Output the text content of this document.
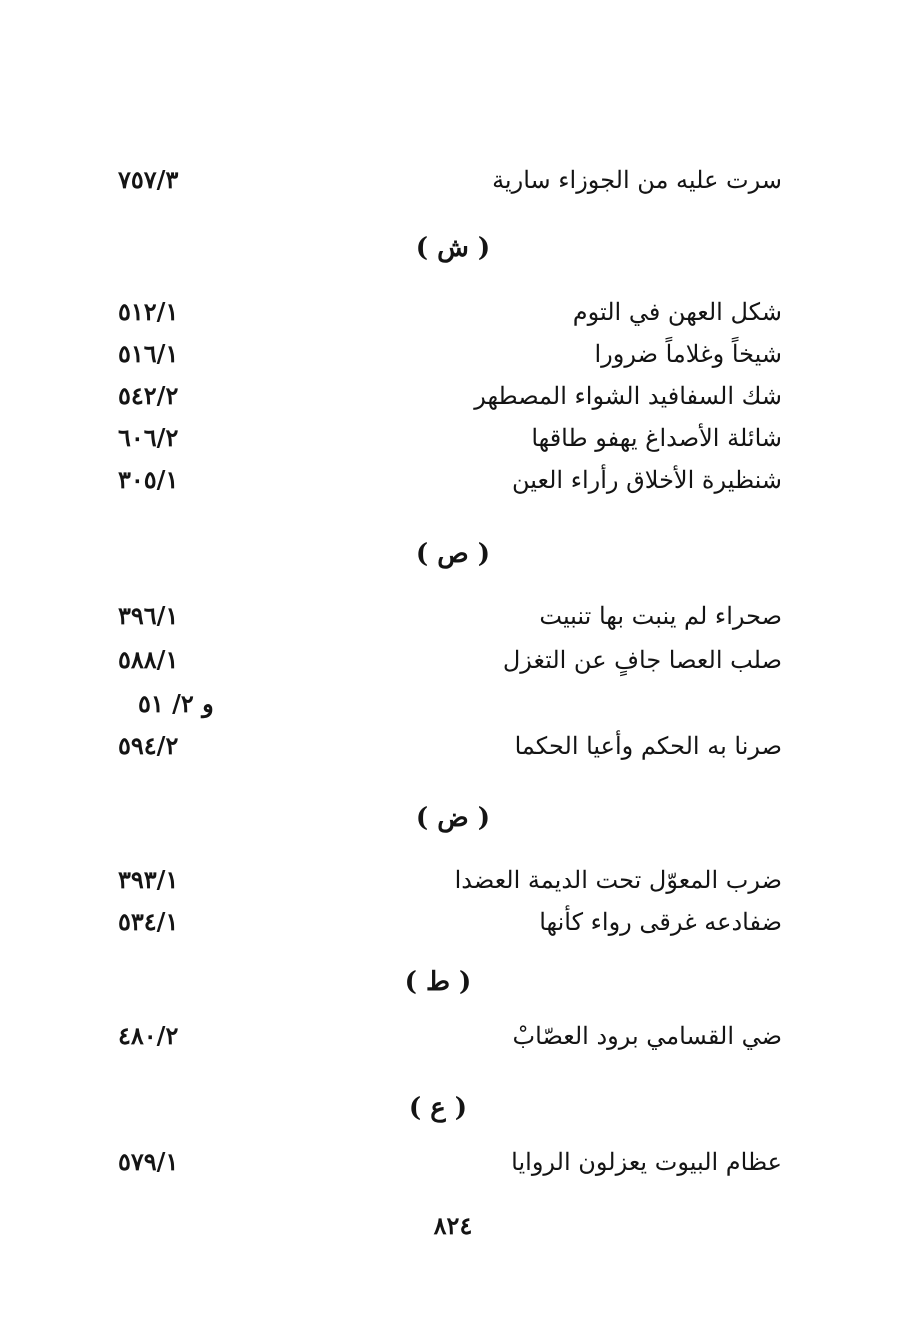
سرت عليه من الجوزاء سارية
٧٥٧/٣
( ش )
شكل العهن في التوم
٥١٢/١
شيخاً وغلاماً ضرورا
٥١٦/١
شك السفافيد الشواء المصطهر
٥٤٢/٢
شائلة الأصداغ يهفو طاقها
٦٠٦/٢
شنظيرة الأخلاق رأراء العين
٣٠٥/١
( ص )
صحراء لم ينبت بها تنبيت
٣٩٦/١
صلب العصا جافٍ عن التغزل
٥٨٨/١
و ٢/ ٥١
صرنا به الحكم وأعيا الحكما
٥٩٤/٢
( ض )
ضرب المعوّل تحت الديمة العضدا
٣٩٣/١
ضفادعه غرقى رواء كأنها
٥٣٤/١
( ط )
ضي القسامي برود العصّابْ
٤٨٠/٢
( ع )
عظام البيوت يعزلون الروايا
٥٧٩/١
٨٢٤
